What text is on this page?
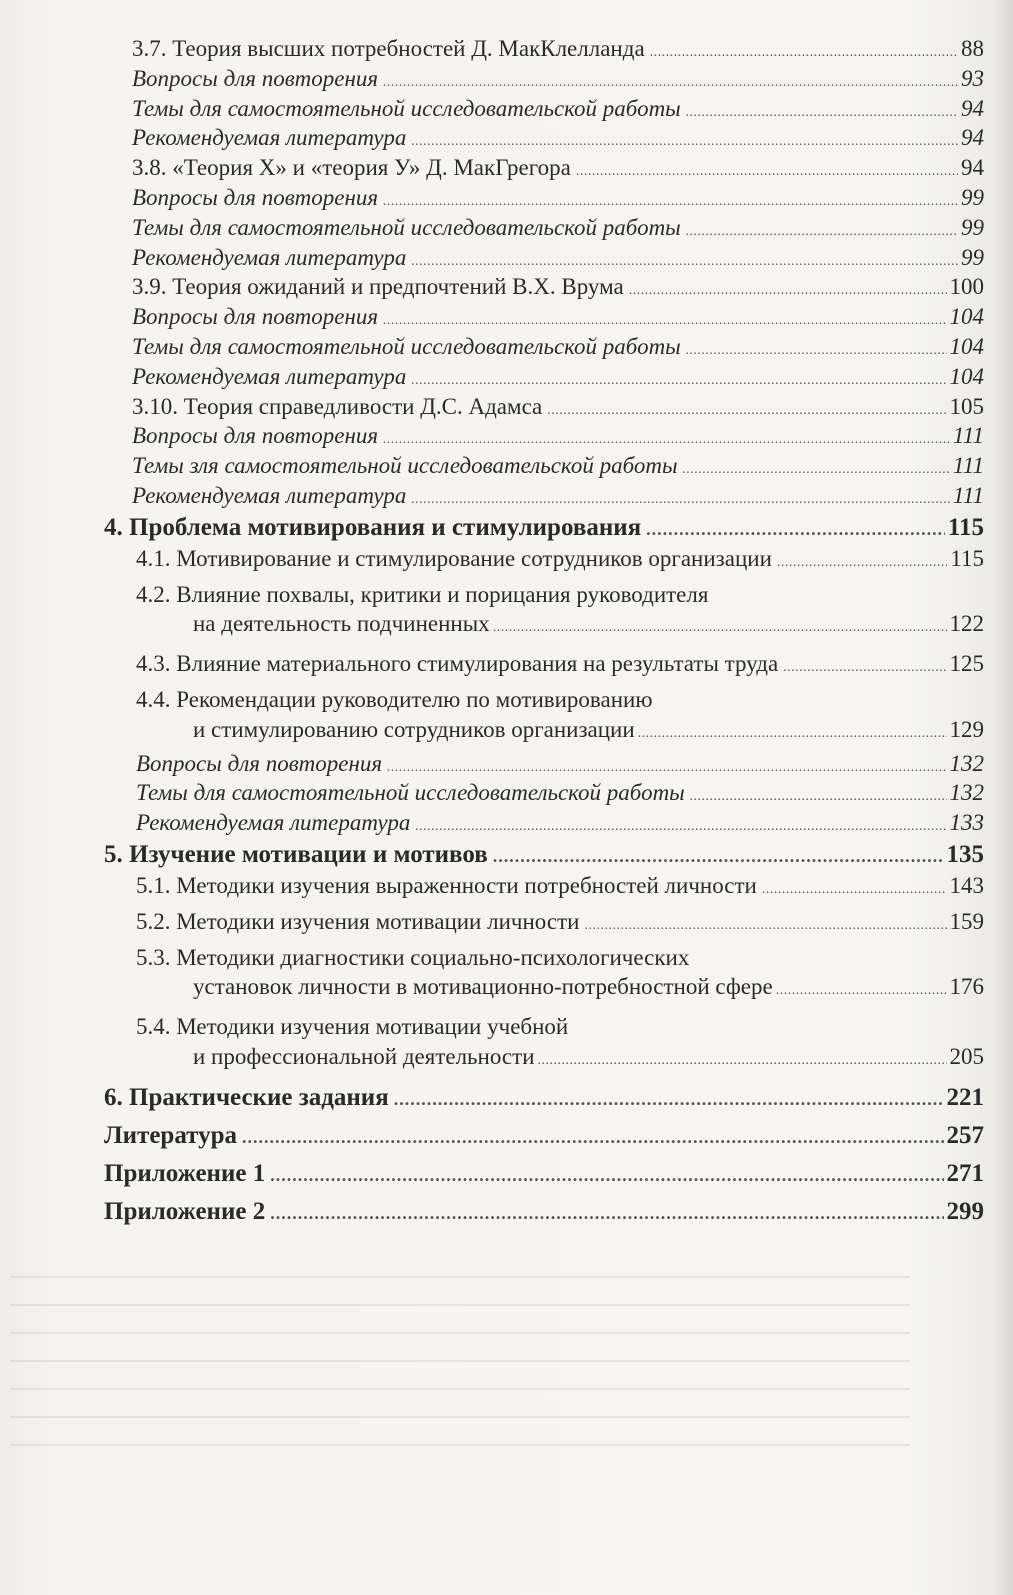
3.7. Теория высших потребностей Д. МакКлелланда .....	88
Вопросы для повторения .....	93
Темы для самостоятельной исследовательской работы .....	94
Рекомендуемая литература .....	94
3.8. «Теория Х» и «теория У» Д. МакГрегора .....	94
Вопросы для повторения .....	99
Темы для самостоятельной исследовательской работы .....	99
Рекомендуемая литература .....	99
3.9. Теория ожиданий и предпочтений В.Х. Врума .....	100
Вопросы для повторения .....	104
Темы для самостоятельной исследовательской работы .....	104
Рекомендуемая литература .....	104
3.10. Теория справедливости Д.С. Адамса .....	105
Вопросы для повторения .....	111
Темы зля самостоятельной исследовательской работы .....	111
Рекомендуемая литература .....	111
4. Проблема мотивирования и стимулирования .....	115
4.1. Мотивирование и стимулирование сотрудников организации .....	115
4.2. Влияние похвалы, критики и порицания руководителя
на деятельность подчиненных .....	122
4.3. Влияние материального стимулирования на результаты труда .....	125
4.4. Рекомендации руководителю по мотивированию
и стимулированию сотрудников организации .....	129
Вопросы для повторения .....	132
Темы для самостоятельной исследовательской работы .....	132
Рекомендуемая литература .....	133
5. Изучение мотивации и мотивов .....	135
5.1. Методики изучения выраженности потребностей личности .....	143
5.2. Методики изучения мотивации личности .....	159
5.3. Методики диагностики социально-психологических
установок личности в мотивационно-потребностной сфере .....	176
5.4. Методики изучения мотивации учебной
и профессиональной деятельности .....	205
6. Практические задания .....	221
Литература .....	257
Приложение 1 .....	271
Приложение 2 .....	299
